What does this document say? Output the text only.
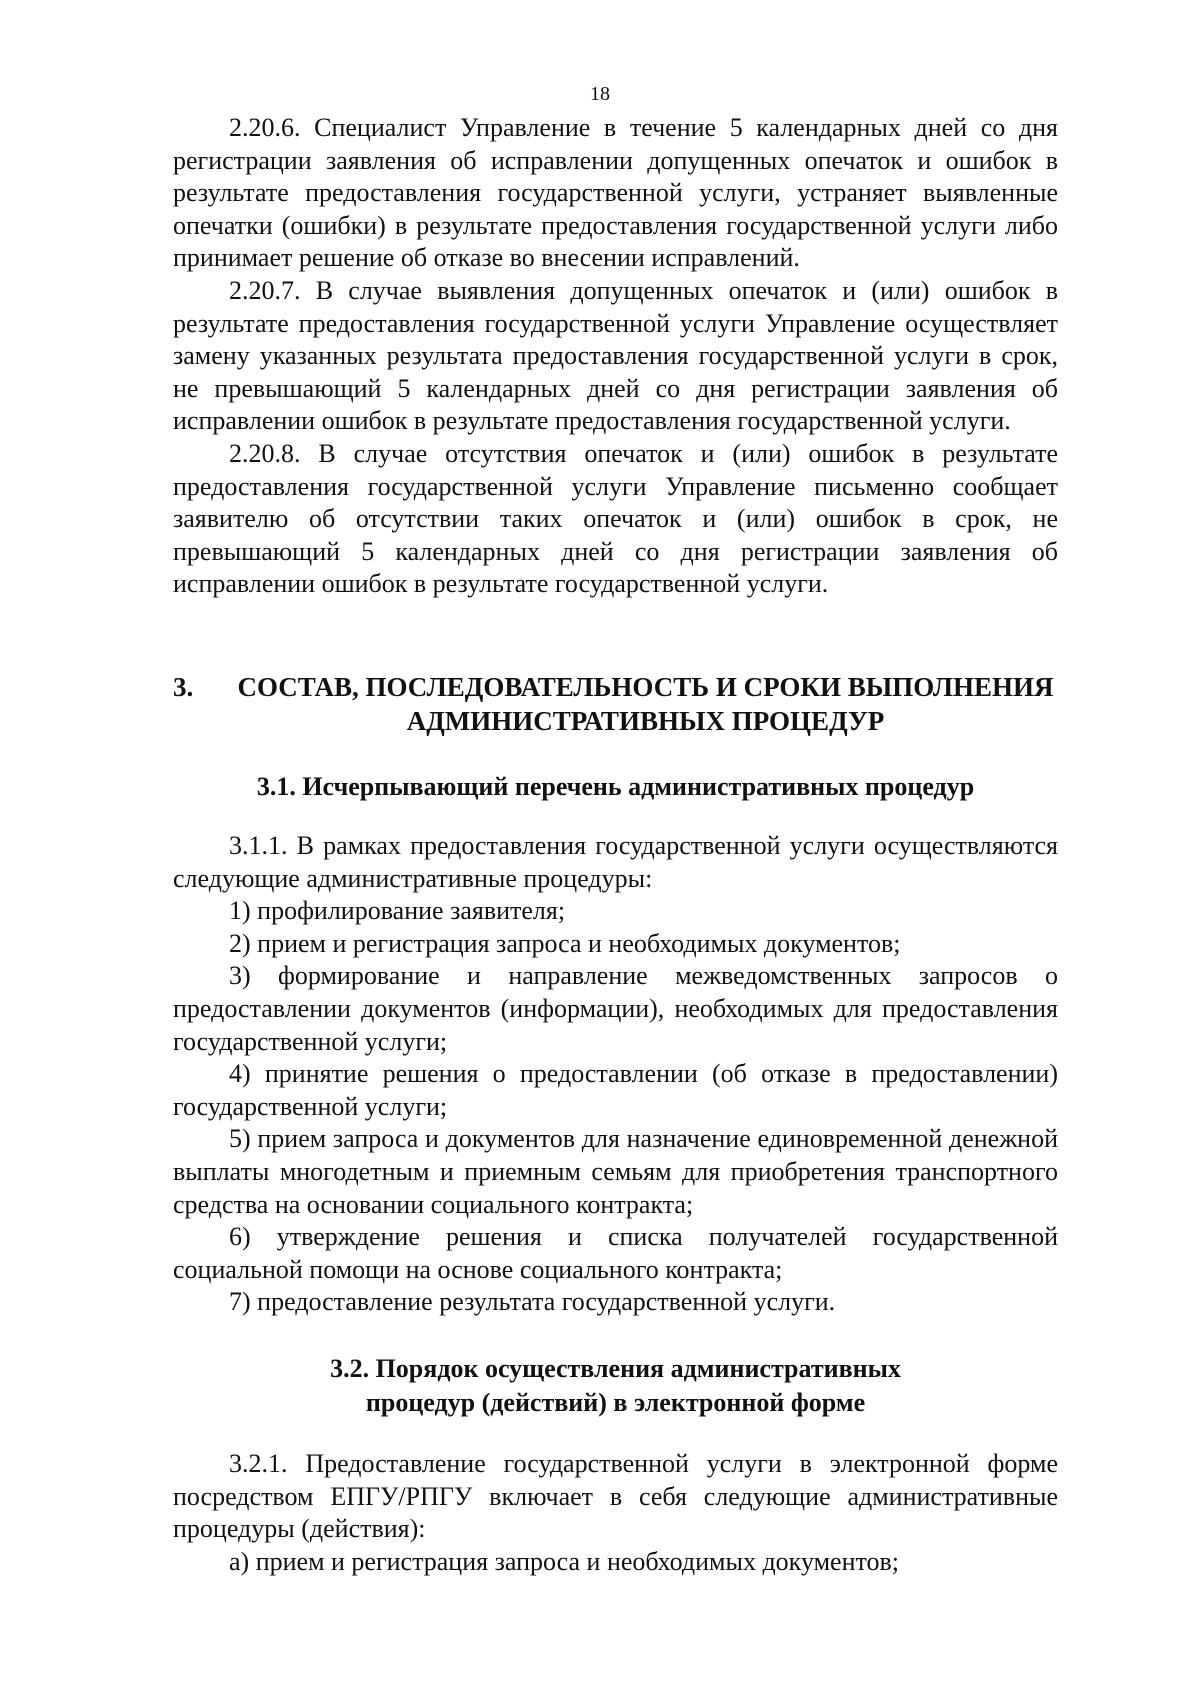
18

2.20.6. Специалист Управление в течение 5 календарных дней со дня регистрации заявления об исправлении допущенных опечаток и ошибок в результате предоставления государственной услуги, устраняет выявленные опечатки (ошибки) в результате предоставления государственной услуги либо принимает решение об отказе во внесении исправлений.

2.20.7. В случае выявления допущенных опечаток и (или) ошибок в результате предоставления государственной услуги Управление осуществляет замену указанных результата предоставления государственной услуги в срок, не превышающий 5 календарных дней со дня регистрации заявления об исправлении ошибок в результате предоставления государственной услуги.

2.20.8. В случае отсутствия опечаток и (или) ошибок в результате предоставления государственной услуги Управление письменно сообщает заявителю об отсутствии таких опечаток и (или) ошибок в срок, не превышающий 5 календарных дней со дня регистрации заявления об исправлении ошибок в результате государственной услуги.

3.	СОСТАВ, ПОСЛЕДОВАТЕЛЬНОСТЬ И СРОКИ ВЫПОЛНЕНИЯ

АДМИНИСТРАТИВНЫХ ПРОЦЕДУР

3.1. Исчерпывающий перечень административных процедур

3.1.1. В рамках предоставления государственной услуги осуществляются следующие административные процедуры:

1) профилирование заявителя;

2) прием и регистрация запроса и необходимых документов;

3) формирование и направление межведомственных запросов о предоставлении документов (информации), необходимых для предоставления государственной услуги;

4) принятие решения о предоставлении (об отказе в предоставлении) государственной услуги;

5) прием запроса и документов для назначение единовременной денежной выплаты многодетным и приемным семьям для приобретения транспортного средства на основании социального контракта;

6) утверждение решения и списка получателей государственной социальной помощи на основе социального контракта;

7) предоставление результата государственной услуги.

3.2. Порядок осуществления административных

процедур (действий) в электронной форме

3.2.1. Предоставление государственной услуги в электронной форме посредством ЕПГУ/РПГУ включает в себя следующие административные процедуры (действия):

а) прием и регистрация запроса и необходимых документов;
